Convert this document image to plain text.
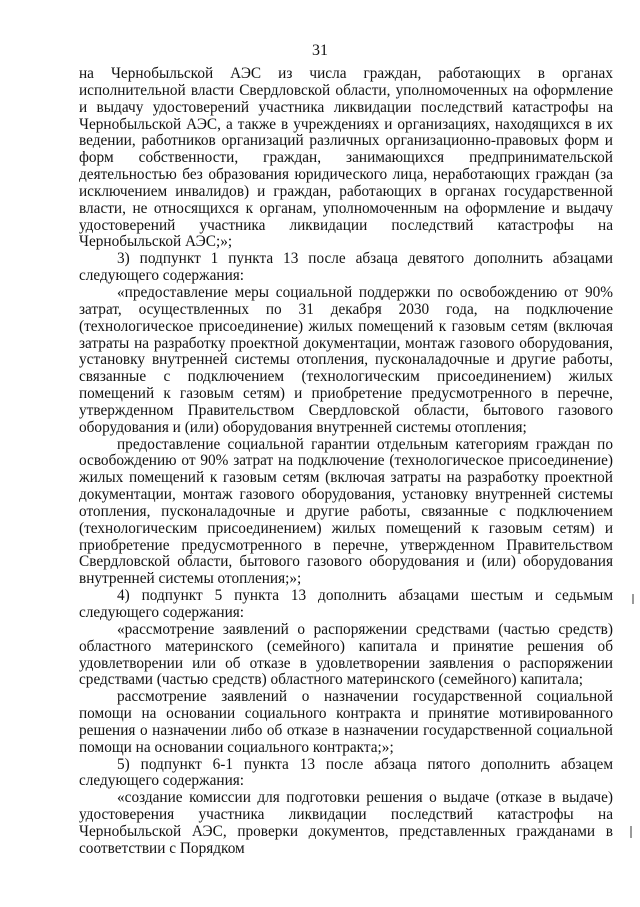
31

на Чернобыльской АЭС из числа граждан, работающих в органах исполнительной власти Свердловской области, уполномоченных на оформление и выдачу удостоверений участника ликвидации последствий катастрофы на Чернобыльской АЭС, а также в учреждениях и организациях, находящихся в их ведении, работников организаций различных организационно-правовых форм и форм собственности, граждан, занимающихся предпринимательской деятельностью без образования юридического лица, неработающих граждан (за исключением инвалидов) и граждан, работающих в органах государственной власти, не относящихся к органам, уполномоченным на оформление и выдачу удостоверений участника ликвидации последствий катастрофы на Чернобыльской АЭС;»;

3) подпункт 1 пункта 13 после абзаца девятого дополнить абзацами следующего содержания:

«предоставление меры социальной поддержки по освобождению от 90% затрат, осуществленных по 31 декабря 2030 года, на подключение (технологическое присоединение) жилых помещений к газовым сетям (включая затраты на разработку проектной документации, монтаж газового оборудования, установку внутренней системы отопления, пусконаладочные и другие работы, связанные с подключением (технологическим присоединением) жилых помещений к газовым сетям) и приобретение предусмотренного в перечне, утвержденном Правительством Свердловской области, бытового газового оборудования и (или) оборудования внутренней системы отопления;

предоставление социальной гарантии отдельным категориям граждан по освобождению от 90% затрат на подключение (технологическое присоединение) жилых помещений к газовым сетям (включая затраты на разработку проектной документации, монтаж газового оборудования, установку внутренней системы отопления, пусконаладочные и другие работы, связанные с подключением (технологическим присоединением) жилых помещений к газовым сетям) и приобретение предусмотренного в перечне, утвержденном Правительством Свердловской области, бытового газового оборудования и (или) оборудования внутренней системы отопления;»;

4) подпункт 5 пункта 13 дополнить абзацами шестым и седьмым следующего содержания:

«рассмотрение заявлений о распоряжении средствами (частью средств) областного материнского (семейного) капитала и принятие решения об удовлетворении или об отказе в удовлетворении заявления о распоряжении средствами (частью средств) областного материнского (семейного) капитала;

рассмотрение заявлений о назначении государственной социальной помощи на основании социального контракта и принятие мотивированного решения о назначении либо об отказе в назначении государственной социальной помощи на основании социального контракта;»;

5) подпункт 6-1 пункта 13 после абзаца пятого дополнить абзацем следующего содержания:

«создание комиссии для подготовки решения о выдаче (отказе в выдаче) удостоверения участника ликвидации последствий катастрофы на Чернобыльской АЭС, проверки документов, представленных гражданами в соответствии с Порядком
